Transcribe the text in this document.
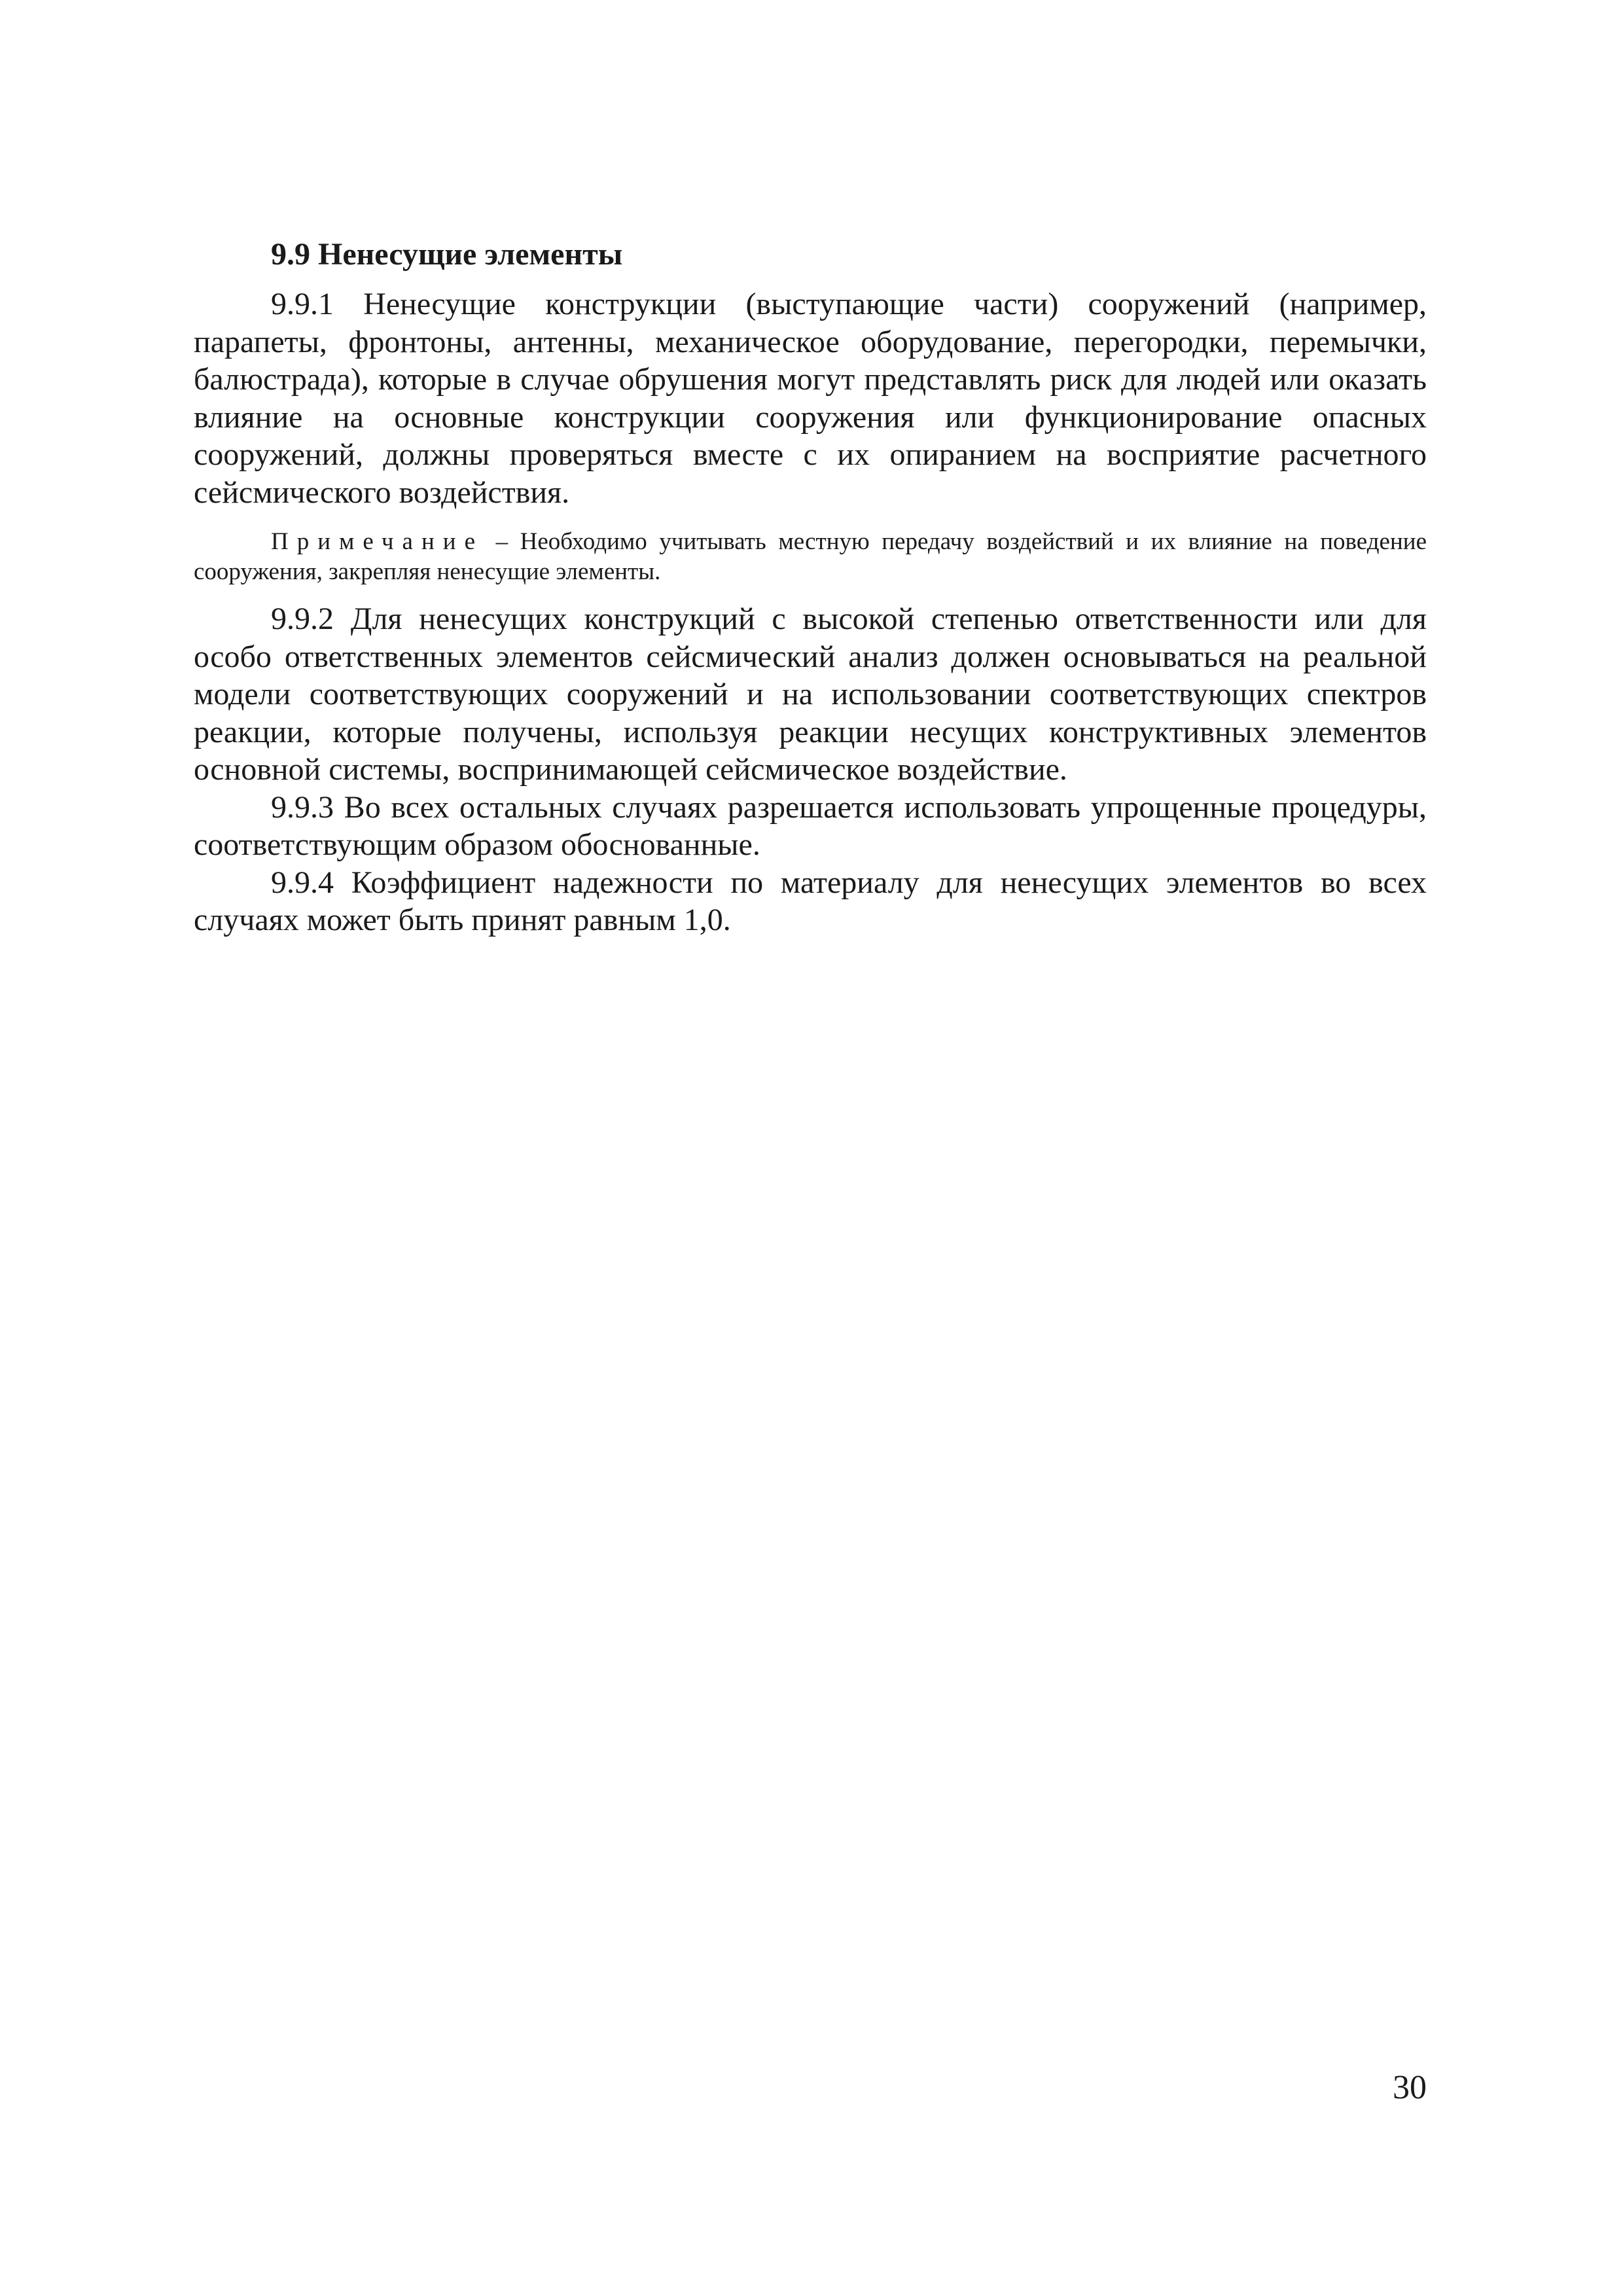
9.9 Ненесущие элементы

9.9.1 Ненесущие конструкции (выступающие части) сооружений (например, парапеты, фронтоны, антенны, механическое оборудование, перегородки, перемычки, балюстрада), которые в случае обрушения могут представлять риск для людей или оказать влияние на основные конструкции сооружения или функционирование опасных сооружений, должны проверяться вместе с их опиранием на восприятие расчетного сейсмического воздействия.

Примечание – Необходимо учитывать местную передачу воздействий и их влияние на поведение сооружения, закрепляя ненесущие элементы.

9.9.2 Для ненесущих конструкций с высокой степенью ответственности или для особо ответственных элементов сейсмический анализ должен основываться на реальной модели соответствующих сооружений и на использовании соответствующих спектров реакции, которые получены, используя реакции несущих конструктивных элементов основной системы, воспринимающей сейсмическое воздействие.

9.9.3 Во всех остальных случаях разрешается использовать упрощенные процедуры, соответствующим образом обоснованные.

9.9.4 Коэффициент надежности по материалу для ненесущих элементов во всех случаях может быть принят равным 1,0.

30
